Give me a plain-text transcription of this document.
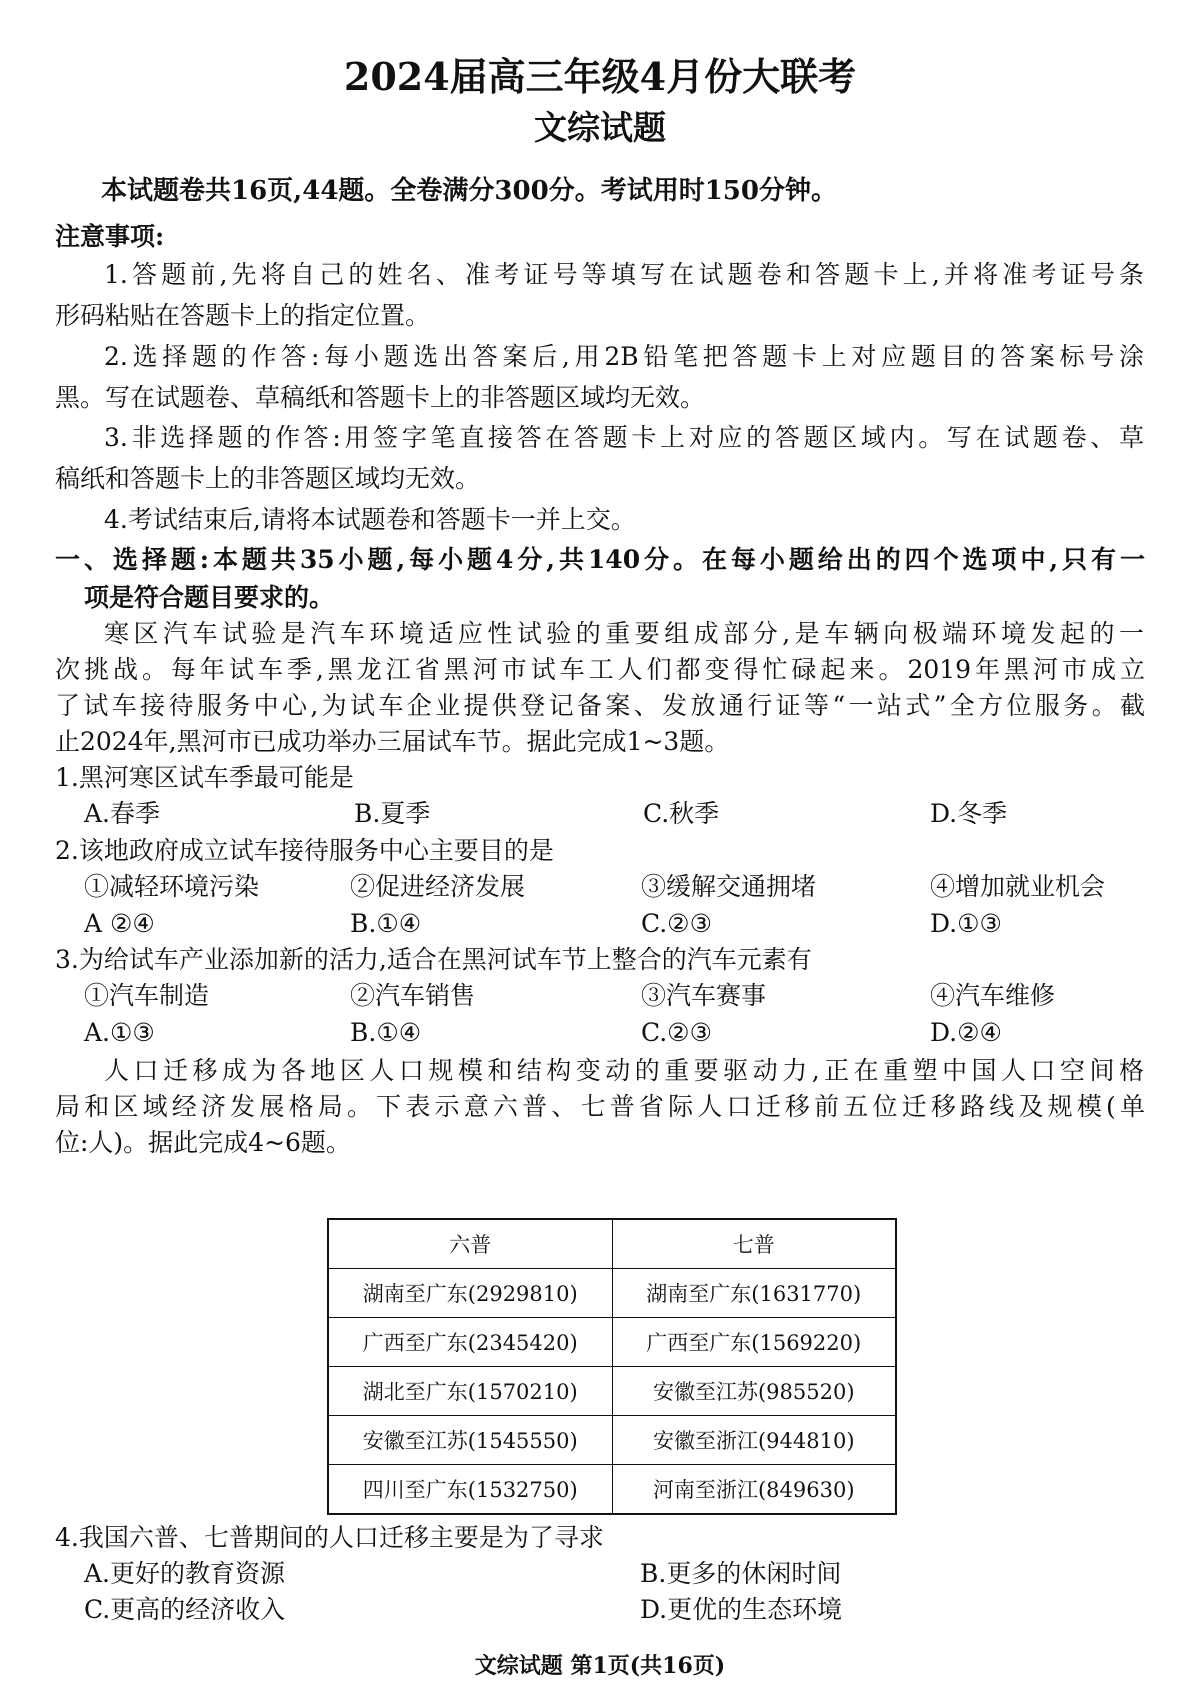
2024届高三年级4月份大联考
文综试题
本试题卷共16页,44题。全卷满分300分。考试用时150分钟。
注意事项:
1.答题前,先将自己的姓名、准考证号等填写在试题卷和答题卡上,并将准考证号条
形码粘贴在答题卡上的指定位置。
2.选择题的作答:每小题选出答案后,用2B铅笔把答题卡上对应题目的答案标号涂
黑。写在试题卷、草稿纸和答题卡上的非答题区域均无效。
3.非选择题的作答:用签字笔直接答在答题卡上对应的答题区域内。写在试题卷、草
稿纸和答题卡上的非答题区域均无效。
4.考试结束后,请将本试题卷和答题卡一并上交。
一、选择题:本题共35小题,每小题4分,共140分。在每小题给出的四个选项中,只有一
项是符合题目要求的。
寒区汽车试验是汽车环境适应性试验的重要组成部分,是车辆向极端环境发起的一
次挑战。每年试车季,黑龙江省黑河市试车工人们都变得忙碌起来。2019年黑河市成立
了试车接待服务中心,为试车企业提供登记备案、发放通行证等“一站式”全方位服务。截
止2024年,黑河市已成功举办三届试车节。据此完成1~3题。
1.黑河寒区试车季最可能是
A.春季	B.夏季	C.秋季	D.冬季
2.该地政府成立试车接待服务中心主要目的是
①减轻环境污染	②促进经济发展	③缓解交通拥堵	④增加就业机会
A ②④	B.①④	C.②③	D.①③
3.为给试车产业添加新的活力,适合在黑河试车节上整合的汽车元素有
①汽车制造	②汽车销售	③汽车赛事	④汽车维修
A.①③	B.①④	C.②③	D.②④
人口迁移成为各地区人口规模和结构变动的重要驱动力,正在重塑中国人口空间格
局和区域经济发展格局。下表示意六普、七普省际人口迁移前五位迁移路线及规模(单
位:人)。据此完成4~6题。
六普	七普
湖南至广东(2929810)	湖南至广东(1631770)
广西至广东(2345420)	广西至广东(1569220)
湖北至广东(1570210)	安徽至江苏(985520)
安徽至江苏(1545550)	安徽至浙江(944810)
四川至广东(1532750)	河南至浙江(849630)
4.我国六普、七普期间的人口迁移主要是为了寻求
A.更好的教育资源	B.更多的休闲时间
C.更高的经济收入	D.更优的生态环境
文综试题 第1页(共16页)
